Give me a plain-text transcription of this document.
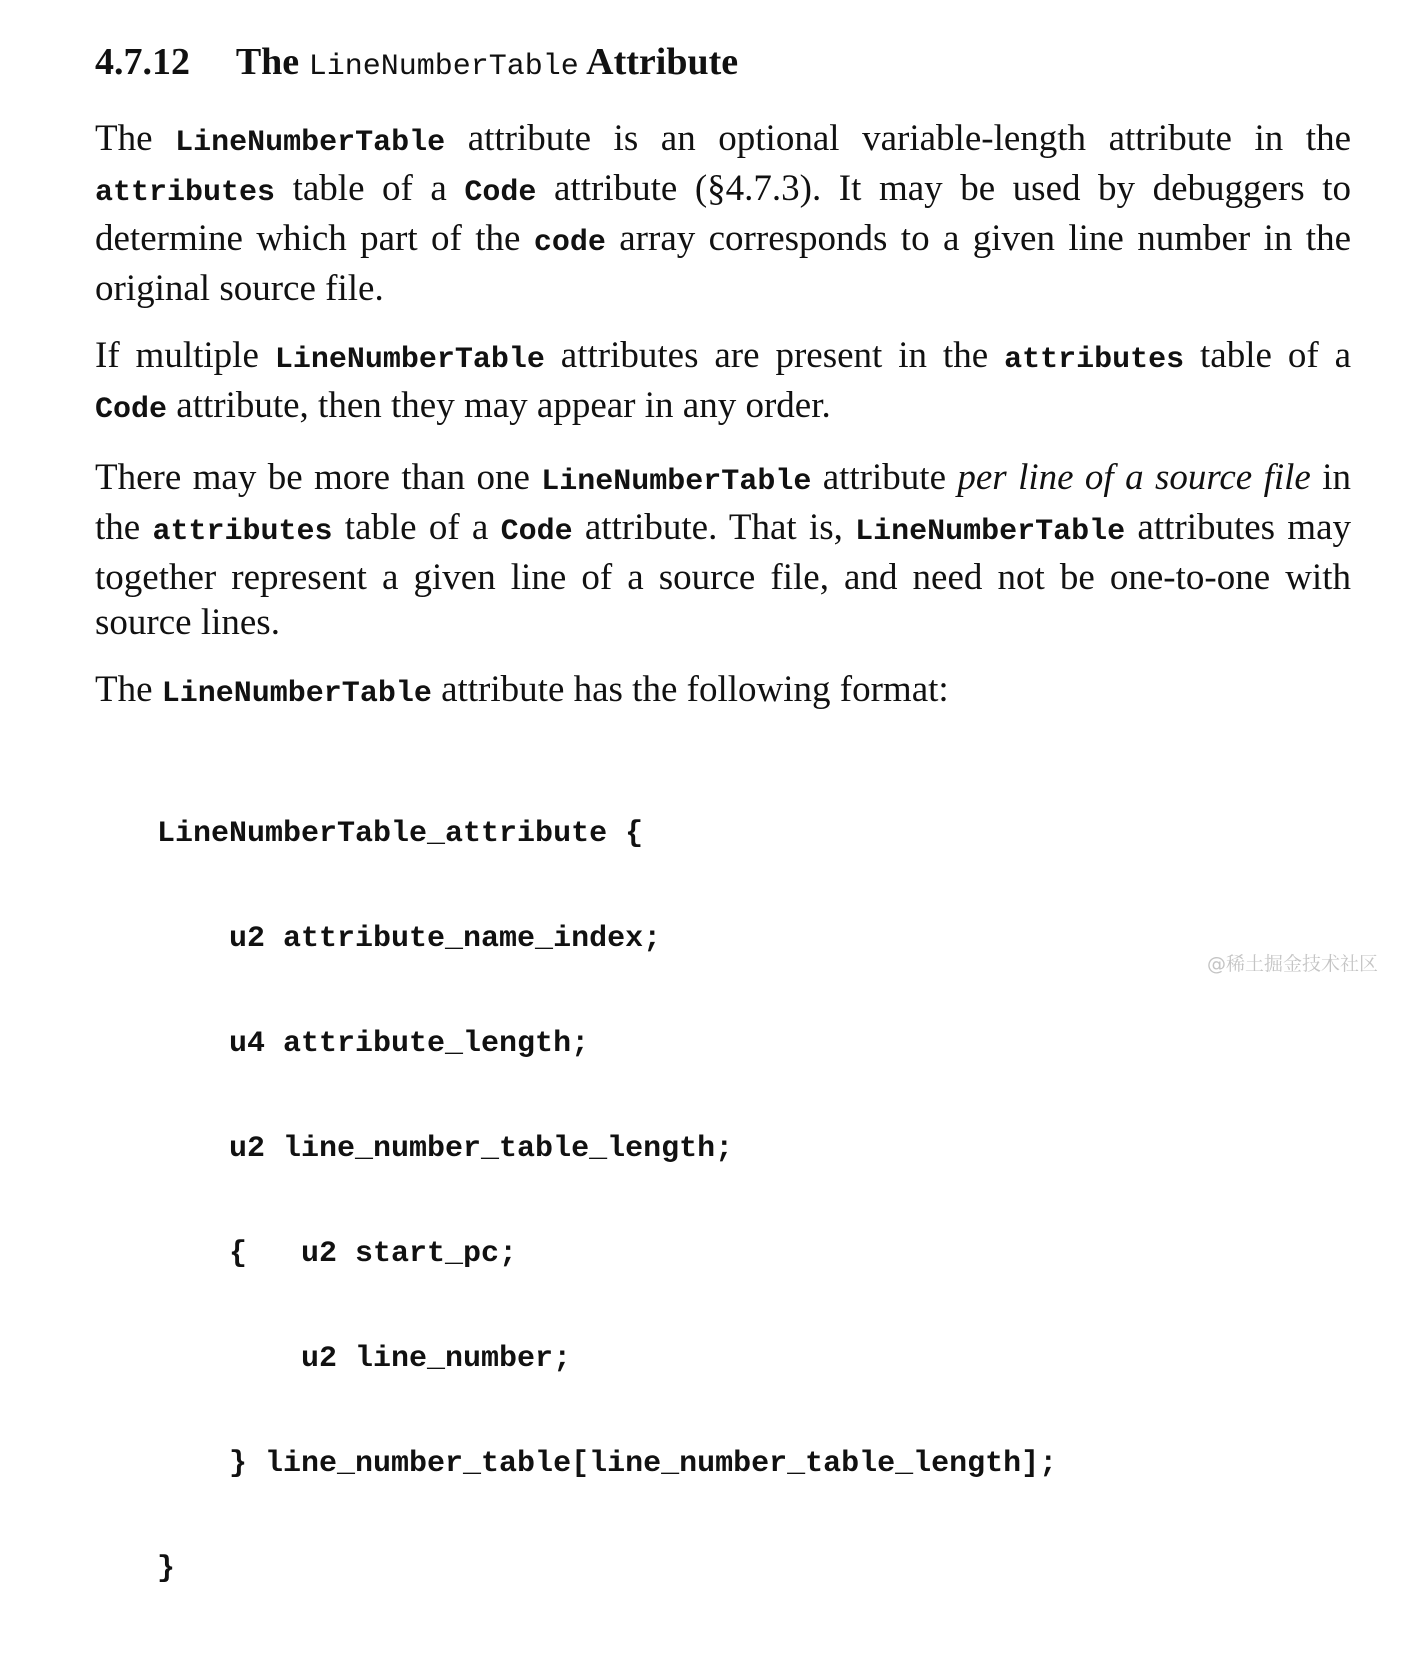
4.7.12 The LineNumberTable Attribute

The LineNumberTable attribute is an optional variable-length attribute in the attributes table of a Code attribute (§4.7.3). It may be used by debuggers to determine which part of the code array corresponds to a given line number in the original source file.

If multiple LineNumberTable attributes are present in the attributes table of a Code attribute, then they may appear in any order.

There may be more than one LineNumberTable attribute per line of a source file in the attributes table of a Code attribute. That is, LineNumberTable attributes may together represent a given line of a source file, and need not be one-to-one with source lines.

The LineNumberTable attribute has the following format:

LineNumberTable_attribute {

u2 attribute_name_index;

u4 attribute_length;

u2 line_number_table_length;

{   u2 start_pc;

u2 line_number;

} line_number_table[line_number_table_length];

}

@稀土掘金技术社区
